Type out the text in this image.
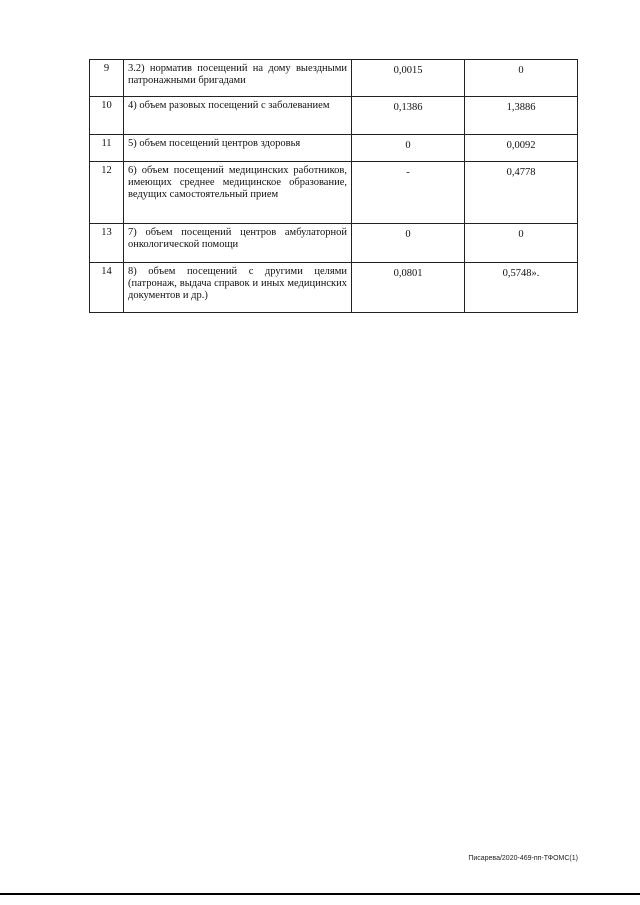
9	3.2) норматив посещений на дому выездными патронажными бригадами	0,0015	0
10	4) объем разовых посещений с заболеванием	0,1386	1,3886
11	5) объем посещений центров здоровья	0	0,0092
12	6) объем посещений медицинских работников, имеющих среднее медицинское образование, ведущих самостоятельный прием	-	0,4778
13	7) объем посещений центров амбулаторной онкологической помощи	0	0
14	8) объем посещений с другими целями (патронаж, выдача справок и иных медицинских документов и др.)	0,0801	0,5748».
Писарева/2020-469-пп-ТФОМС(1)
